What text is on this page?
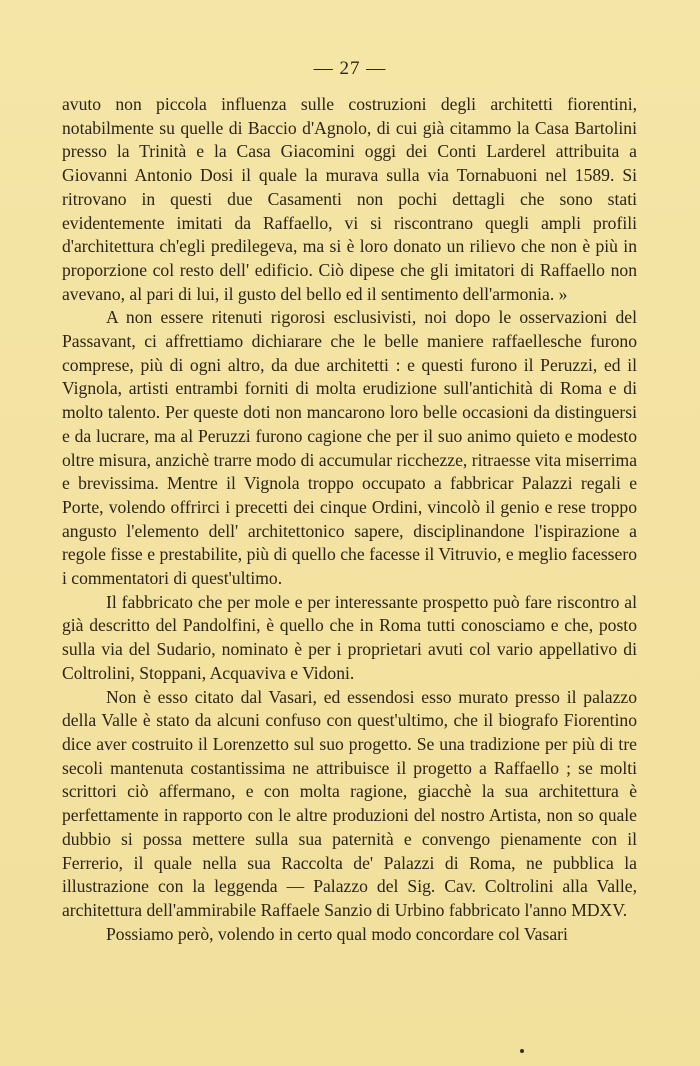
— 27 —

avuto non piccola influenza sulle costruzioni degli architetti fiorentini, notabilmente su quelle di Baccio d'Agnolo, di cui già citammo la Casa Bartolini presso la Trinità e la Casa Giacomini oggi dei Conti Larderel attribuita a Giovanni Antonio Dosi il quale la murava sulla via Tornabuoni nel 1589. Si ritrovano in questi due Casamenti non pochi dettagli che sono stati evidentemente imitati da Raffaello, vi si riscontrano quegli ampli profili d'architettura ch'egli predilegeva, ma si è loro donato un rilievo che non è più in proporzione col resto dell' edificio. Ciò dipese che gli imitatori di Raffaello non avevano, al pari di lui, il gusto del bello ed il sentimento dell'armonia. »

A non essere ritenuti rigorosi esclusivisti, noi dopo le osservazioni del Passavant, ci affrettiamo dichiarare che le belle maniere raffaellesche furono comprese, più di ogni altro, da due architetti : e questi furono il Peruzzi, ed il Vignola, artisti entrambi forniti di molta erudizione sull'antichità di Roma e di molto talento. Per queste doti non mancarono loro belle occasioni da distinguersi e da lucrare, ma al Peruzzi furono cagione che per il suo animo quieto e modesto oltre misura, anzichè trarre modo di accumular ricchezze, ritraesse vita miserrima e brevissima. Mentre il Vignola troppo occupato a fabbricar Palazzi regali e Porte, volendo offrirci i precetti dei cinque Ordini, vincolò il genio e rese troppo angusto l'elemento dell' architettonico sapere, disciplinandone l'ispirazione a regole fisse e prestabilite, più di quello che facesse il Vitruvio, e meglio facessero i commentatori di quest'ultimo.

Il fabbricato che per mole e per interessante prospetto può fare riscontro al già descritto del Pandolfini, è quello che in Roma tutti conosciamo e che, posto sulla via del Sudario, nominato è per i proprietari avuti col vario appellativo di Coltrolini, Stoppani, Acquaviva e Vidoni.

Non è esso citato dal Vasari, ed essendosi esso murato presso il palazzo della Valle è stato da alcuni confuso con quest'ultimo, che il biografo Fiorentino dice aver costruito il Lorenzetto sul suo progetto. Se una tradizione per più di tre secoli mantenuta costantissima ne attribuisce il progetto a Raffaello ; se molti scrittori ciò affermano, e con molta ragione, giacchè la sua architettura è perfettamente in rapporto con le altre produzioni del nostro Artista, non so quale dubbio si possa mettere sulla sua paternità e convengo pienamente con il Ferrerio, il quale nella sua Raccolta de' Palazzi di Roma, ne pubblica la illustrazione con la leggenda — Palazzo del Sig. Cav. Coltrolini alla Valle, architettura dell'ammirabile Raffaele Sanzio di Urbino fabbricato l'anno MDXV.

Possiamo però, volendo in certo qual modo concordare col Vasari
